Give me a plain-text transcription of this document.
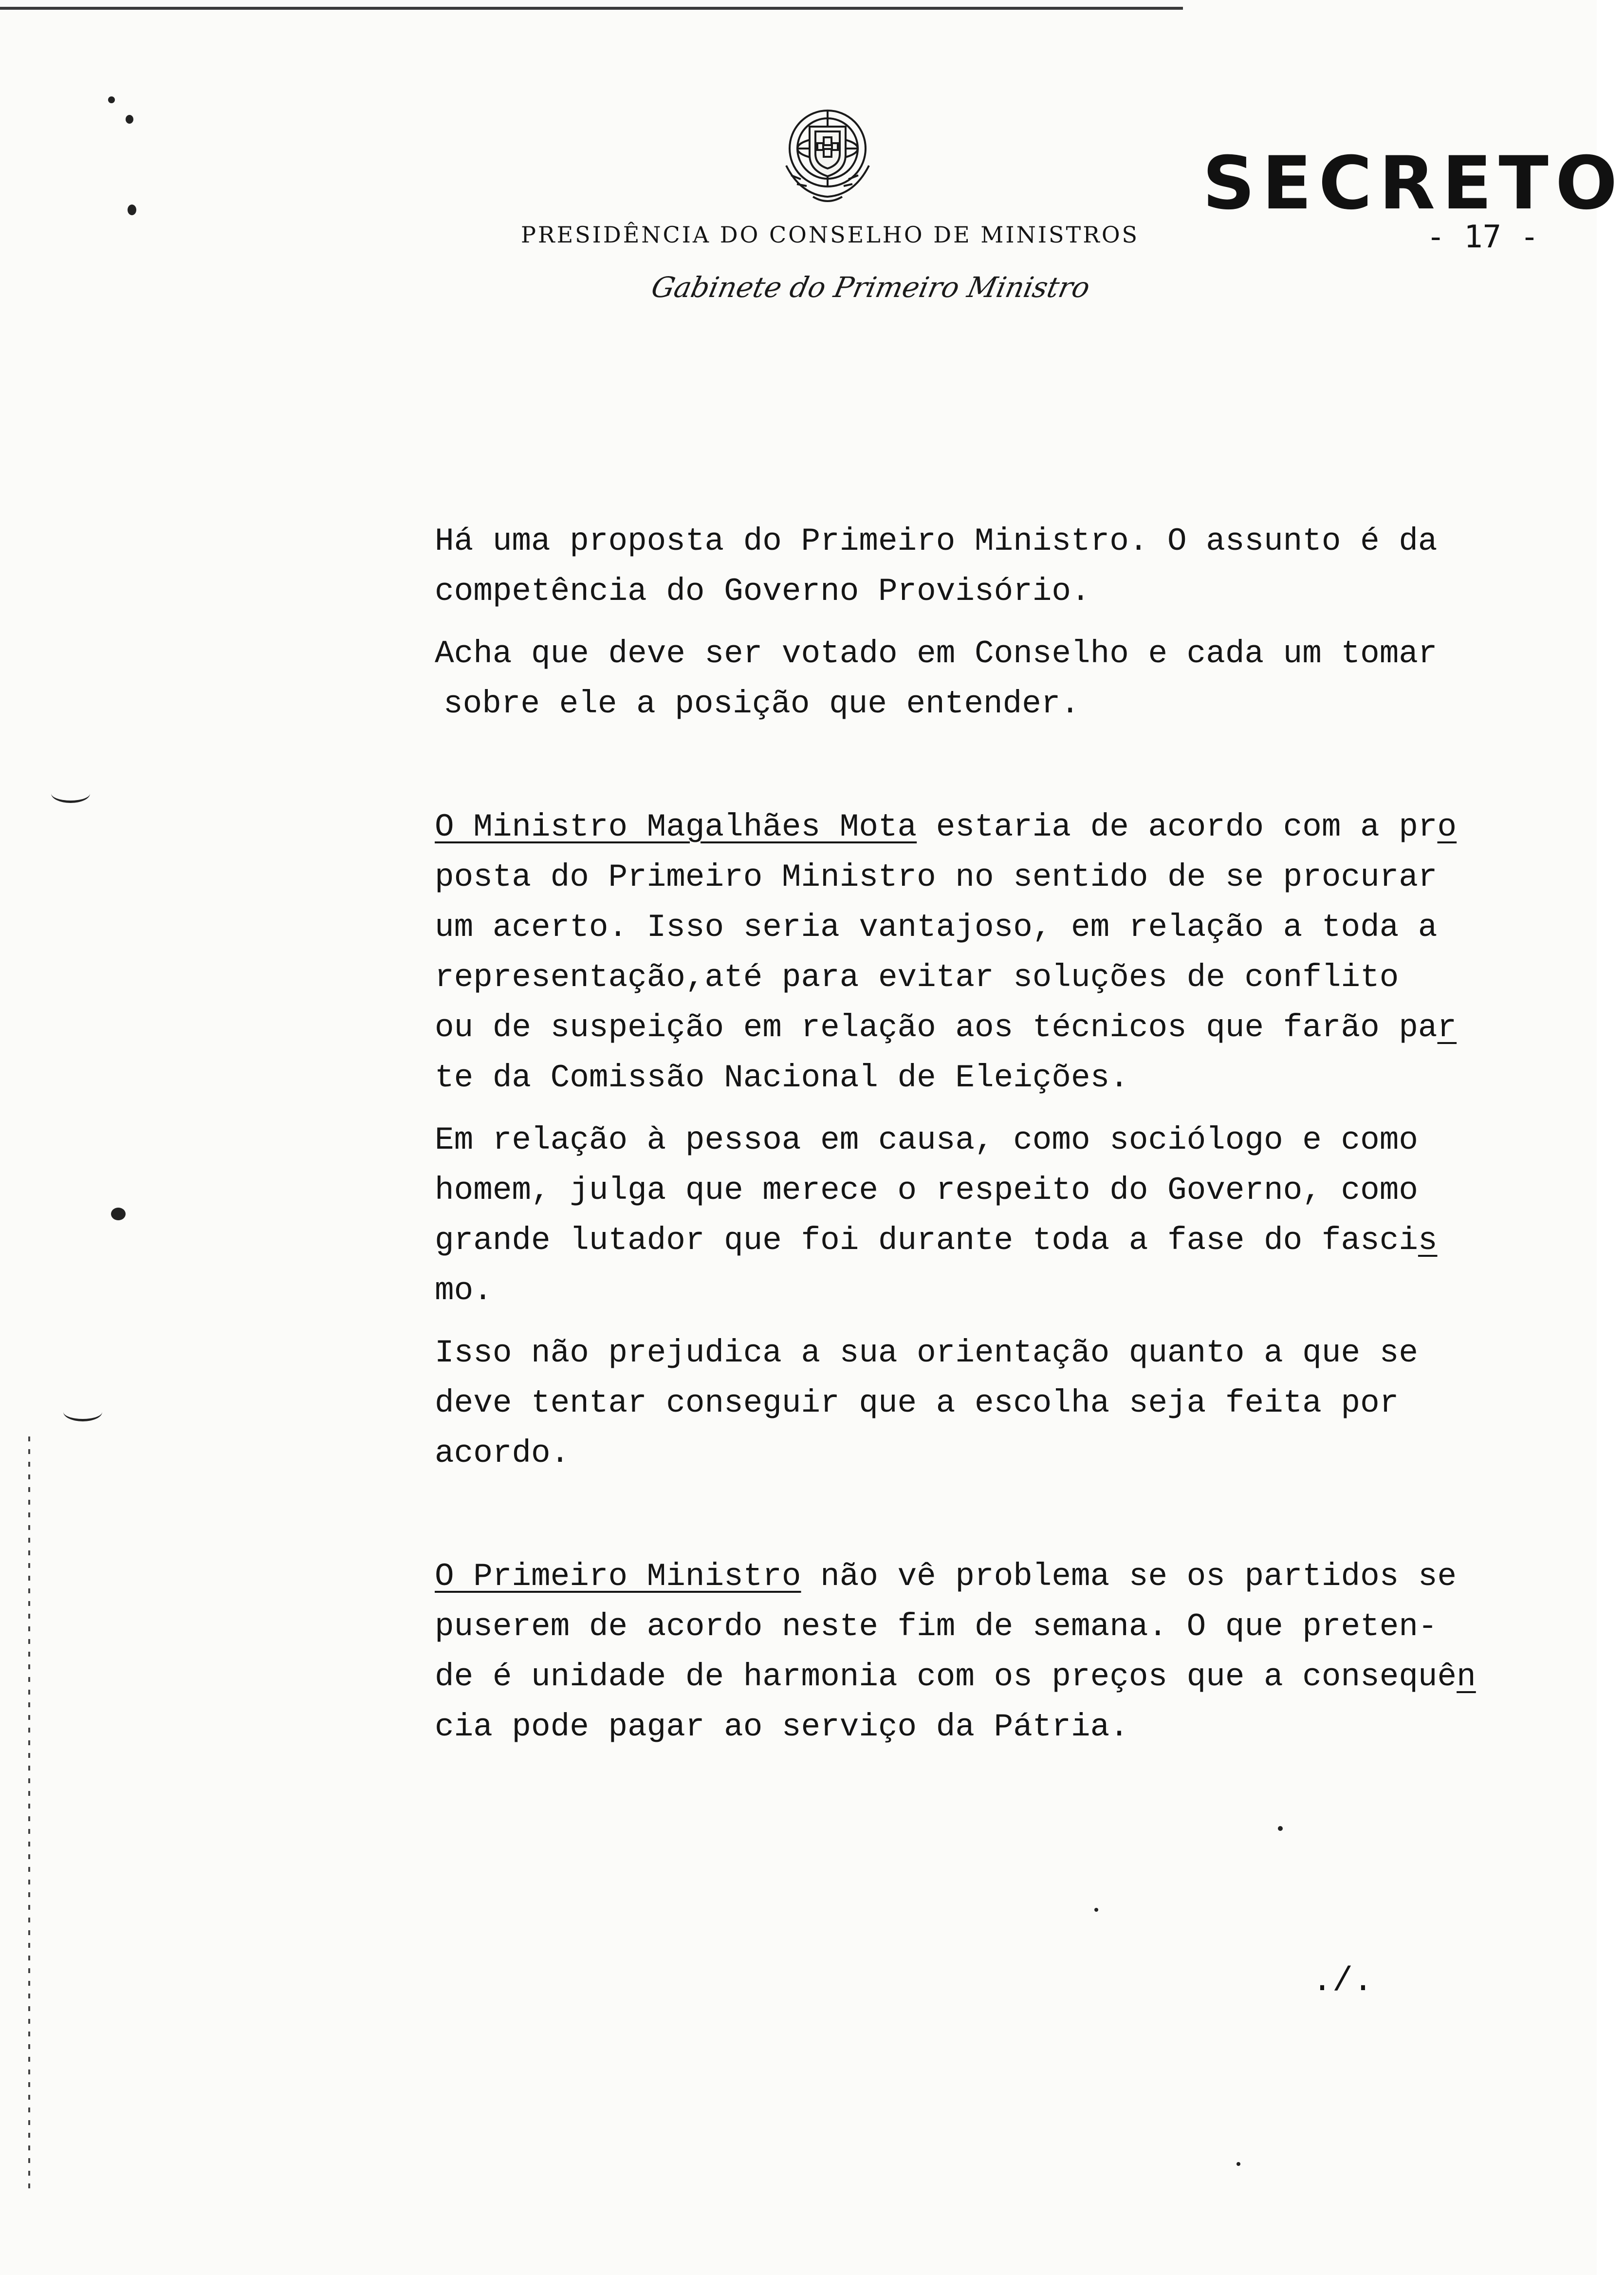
PRESIDÊNCIA DO CONSELHO DE MINISTROS
Gabinete do Primeiro Ministro
SECRETO
- 17 -
Há uma proposta do Primeiro Ministro. O assunto é da
competência do Governo Provisório.
Acha que deve ser votado em Conselho e cada um tomar
sobre ele a posição que entender.
O Ministro Magalhães Mota estaria de acordo com a pro
posta do Primeiro Ministro no sentido de se procurar
um acerto. Isso seria vantajoso, em relação a toda a
representação,até para evitar soluções de conflito
ou de suspeição em relação aos técnicos que farão par
te da Comissão Nacional de Eleições.
Em relação à pessoa em causa, como sociólogo e como
homem, julga que merece o respeito do Governo, como
grande lutador que foi durante toda a fase do fascis
mo.
Isso não prejudica a sua orientação quanto a que se
deve tentar conseguir que a escolha seja feita por
acordo.
O Primeiro Ministro não vê problema se os partidos se
puserem de acordo neste fim de semana. O que preten-
de é unidade de harmonia com os preços que a consequên
cia pode pagar ao serviço da Pátria.
./.
